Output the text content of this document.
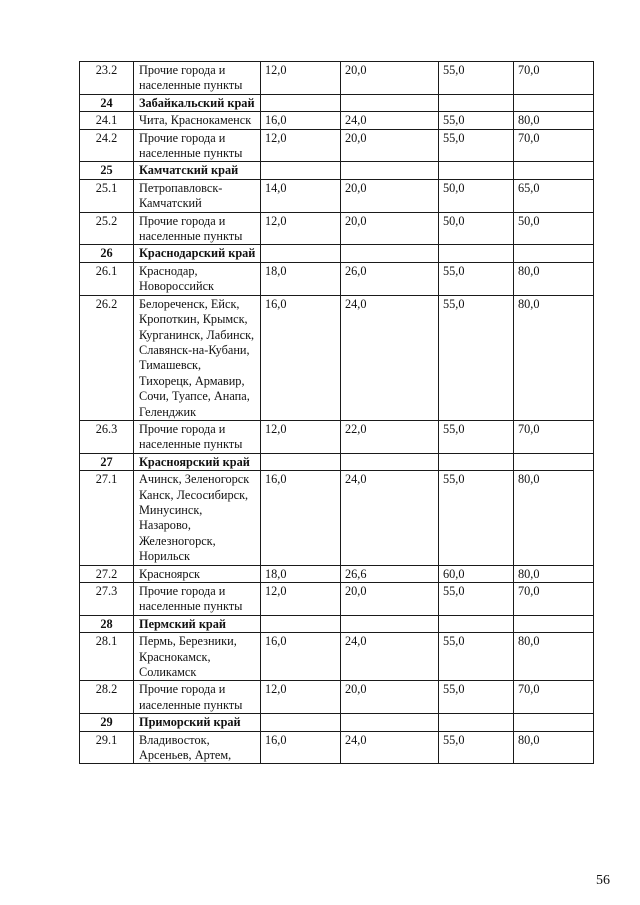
23.2	Прочие города и населенные пункты	12,0	20,0	55,0	70,0
24	Забайкальский край				
24.1	Чита, Краснокаменск	16,0	24,0	55,0	80,0
24.2	Прочие города и населенные пункты	12,0	20,0	55,0	70,0
25	Камчатский край				
25.1	Петропавловск-Камчатский	14,0	20,0	50,0	65,0
25.2	Прочие города и населенные пункты	12,0	20,0	50,0	50,0
26	Краснодарский край				
26.1	Краснодар, Новороссийск	18,0	26,0	55,0	80,0
26.2	Белореченск, Ейск, Кропоткин, Крымск, Курганинск, Лабинск, Славянск-на-Кубани, Тимашевск, Тихорецк, Армавир, Сочи, Туапсе, Анапа, Геленджик	16,0	24,0	55,0	80,0
26.3	Прочие города и населенные пункты	12,0	22,0	55,0	70,0
27	Красноярский край				
27.1	Ачинск, Зеленогорск Канск, Лесосибирск, Минусинск, Назарово, Железногорск, Норильск	16,0	24,0	55,0	80,0
27.2	Красноярск	18,0	26,6	60,0	80,0
27.3	Прочие города и населенные пункты	12,0	20,0	55,0	70,0
28	Пермский край				
28.1	Пермь, Березники, Краснокамск, Соликамск	16,0	24,0	55,0	80,0
28.2	Прочие города и иаселенные пункты	12,0	20,0	55,0	70,0
29	Приморский край				
29.1	Владивосток, Арсеньев, Артем,	16,0	24,0	55,0	80,0
56
